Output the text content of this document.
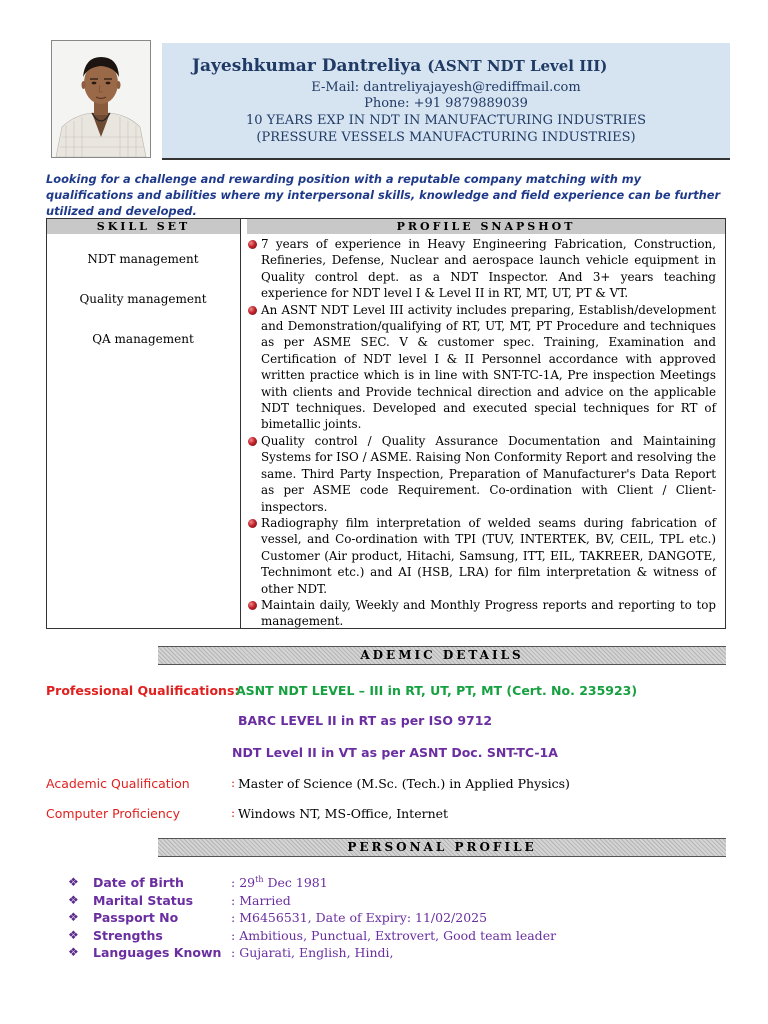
Jayeshkumar Dantreliya (ASNT NDT Level III)
E-Mail: dantreliyajayesh@rediffmail.com
Phone: +91 9879889039
10 YEARS EXP IN NDT IN MANUFACTURING INDUSTRIES
(PRESSURE VESSELS MANUFACTURING INDUSTRIES)
Looking for a challenge and rewarding position with a reputable company matching with my qualifications and abilities where my interpersonal skills, knowledge and field experience can be further utilized and developed.
SKILL SET	PROFILE SNAPSHOT
NDT management
Quality management
QA management
7 years of experience in Heavy Engineering Fabrication, Construction, Refineries, Defense, Nuclear and aerospace launch vehicle equipment in Quality control dept. as a NDT Inspector. And 3+ years teaching experience for NDT level I & Level II in RT, MT, UT, PT & VT.
An ASNT NDT Level III activity includes preparing, Establish/development and Demonstration/qualifying of RT, UT, MT, PT Procedure and techniques as per ASME SEC. V & customer spec. Training, Examination and Certification of NDT level I & II Personnel accordance with approved written practice which is in line with SNT-TC-1A, Pre inspection Meetings with clients and Provide technical direction and advice on the applicable NDT techniques. Developed and executed special techniques for RT of bimetallic joints.
Quality control / Quality Assurance Documentation and Maintaining Systems for ISO / ASME. Raising Non Conformity Report and resolving the same. Third Party Inspection, Preparation of Manufacturer's Data Report as per ASME code Requirement. Co-ordination with Client / Client-inspectors.
Radiography film interpretation of welded seams during fabrication of vessel, and Co-ordination with TPI (TUV, INTERTEK, BV, CEIL, TPL etc.) Customer (Air product, Hitachi, Samsung, ITT, EIL, TAKREER, DANGOTE, Technimont etc.) and AI (HSB, LRA) for film interpretation & witness of other NDT.
Maintain daily, Weekly and Monthly Progress reports and reporting to top management.
ADEMIC DETAILS
Professional Qualifications:
ASNT NDT LEVEL – III in RT, UT, PT, MT (Cert. No. 235923)
BARC LEVEL II in RT as per ISO 9712
NDT Level II in VT as per ASNT Doc. SNT-TC-1A
Academic Qualification	: Master of Science (M.Sc. (Tech.) in Applied Physics)
Computer Proficiency	: Windows NT, MS-Office, Internet
PERSONAL PROFILE
❖ Date of Birth	: 29th Dec 1981
❖ Marital Status	: Married
❖ Passport No	: M6456531, Date of Expiry: 11/02/2025
❖ Strengths	: Ambitious, Punctual, Extrovert, Good team leader
❖ Languages Known : Gujarati, English, Hindi,
